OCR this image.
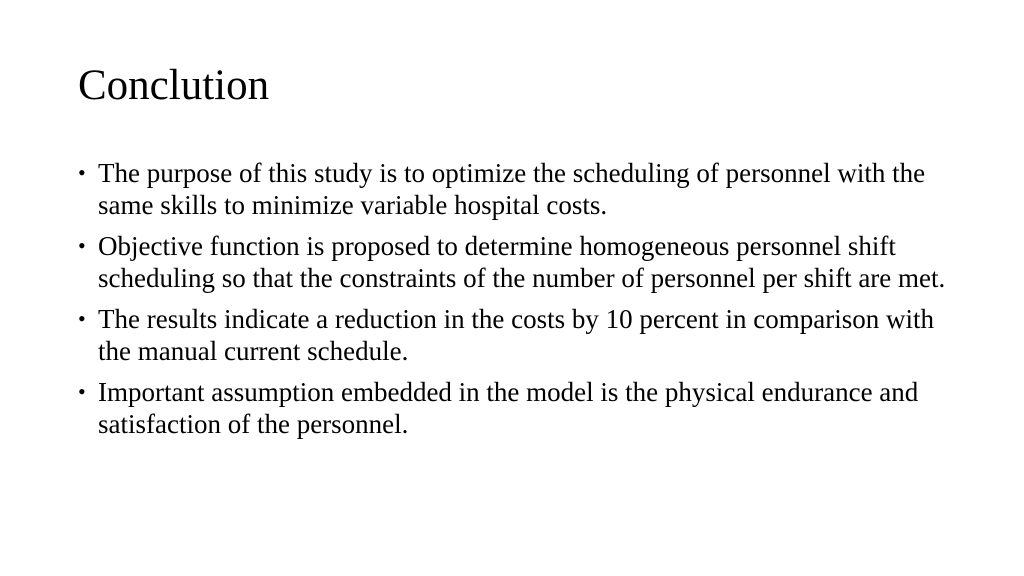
Conclution
• The purpose of this study is to optimize the scheduling of personnel with the same skills to minimize variable hospital costs.
• Objective function is proposed to determine homogeneous personnel shift scheduling so that the constraints of the number of personnel per shift are met.
• The results indicate a reduction in the costs by 10 percent in comparison with the manual current schedule.
• Important assumption embedded in the model is the physical endurance and satisfaction of the personnel.
